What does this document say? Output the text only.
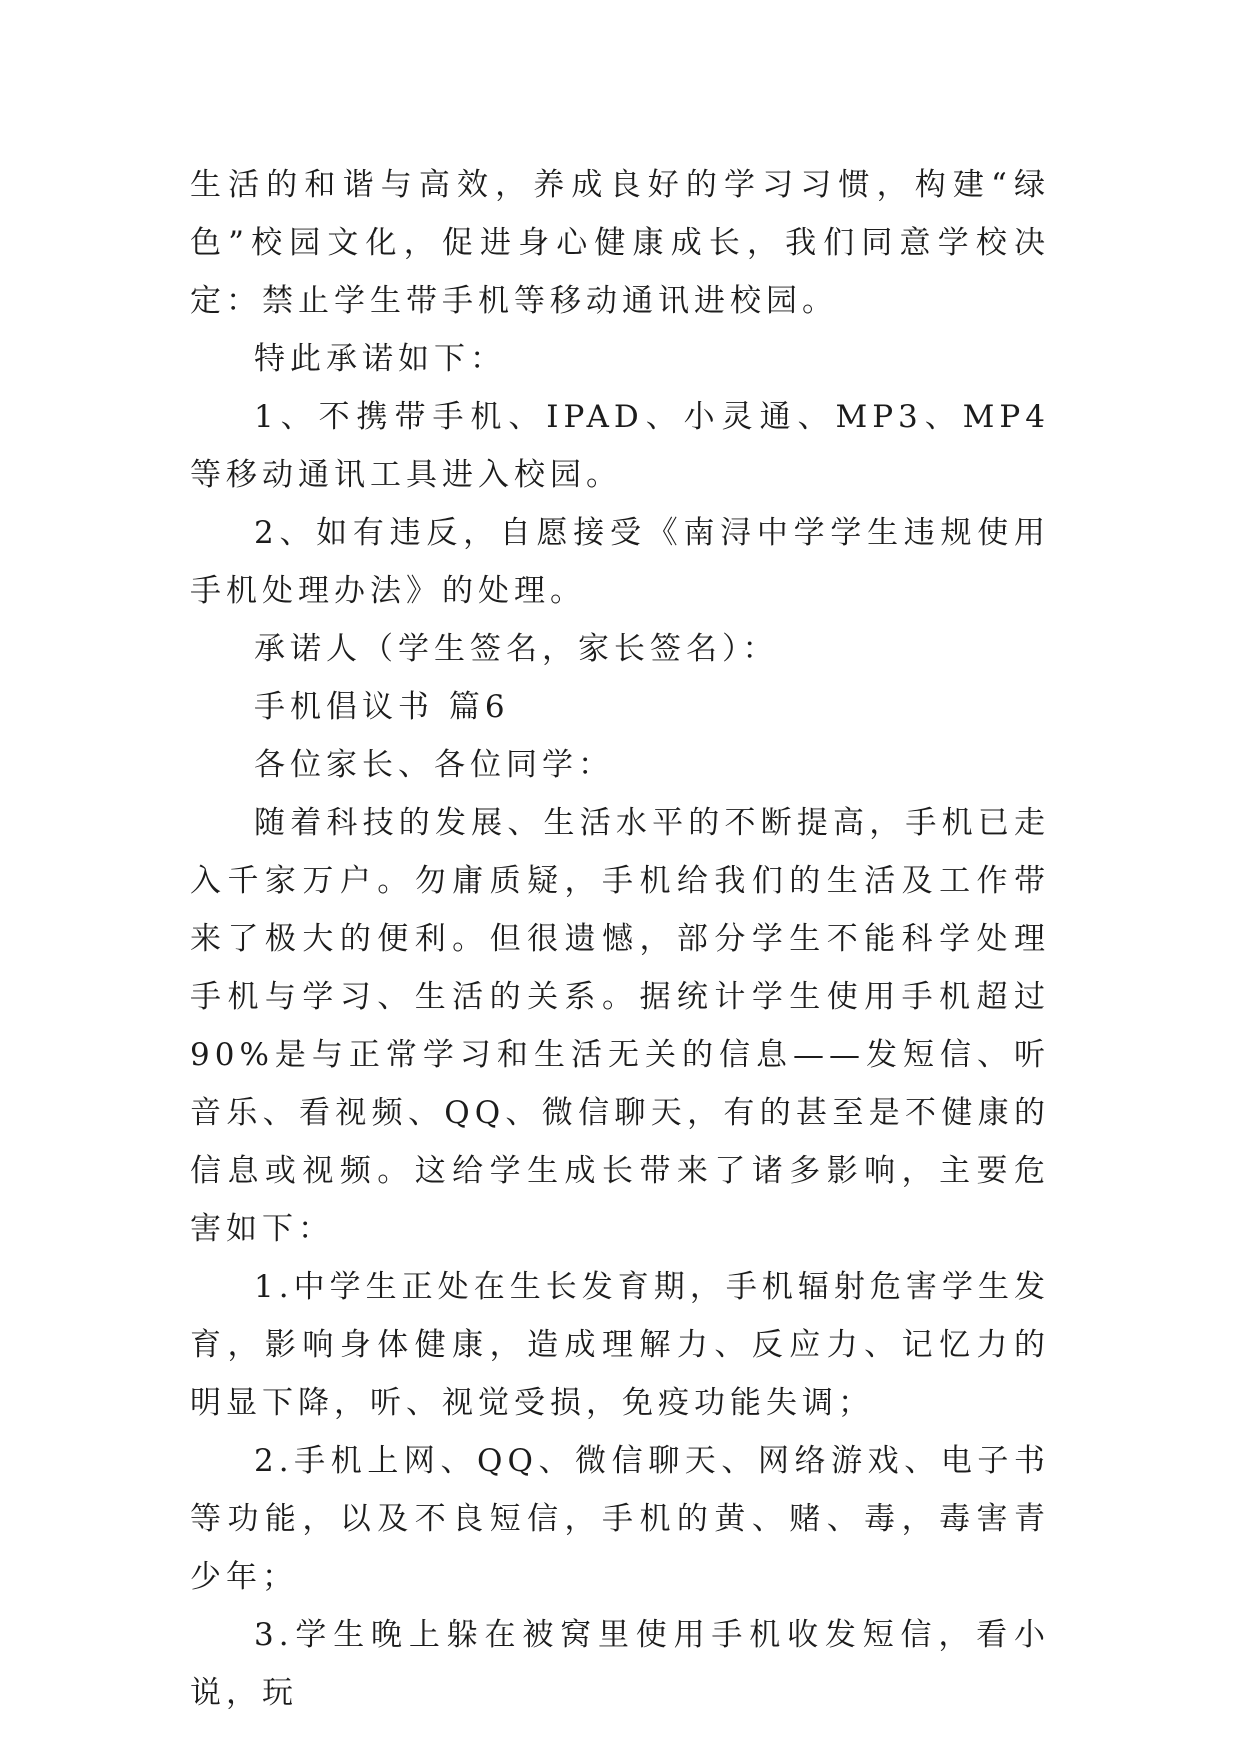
生活的和谐与高效，养成良好的学习习惯，构建“绿色”校园文化，促进身心健康成长，我们同意学校决定：禁止学生带手机等移动通讯进校园。

特此承诺如下：

1、不携带手机、IPAD、小灵通、MP3、MP4等移动通讯工具进入校园。

2、如有违反，自愿接受《南浔中学学生违规使用手机处理办法》的处理。

承诺人（学生签名，家长签名）：

手机倡议书 篇6

各位家长、各位同学：

随着科技的发展、生活水平的不断提高，手机已走入千家万户。勿庸质疑，手机给我们的生活及工作带来了极大的便利。但很遗憾，部分学生不能科学处理手机与学习、生活的关系。据统计学生使用手机超过90%是与正常学习和生活无关的信息——发短信、听音乐、看视频、QQ、微信聊天，有的甚至是不健康的信息或视频。这给学生成长带来了诸多影响，主要危害如下：

1.中学生正处在生长发育期，手机辐射危害学生发育，影响身体健康，造成理解力、反应力、记忆力的明显下降，听、视觉受损，免疫功能失调；

2.手机上网、QQ、微信聊天、网络游戏、电子书等功能，以及不良短信，手机的黄、赌、毒，毒害青少年；

3.学生晚上躲在被窝里使用手机收发短信，看小说，玩
